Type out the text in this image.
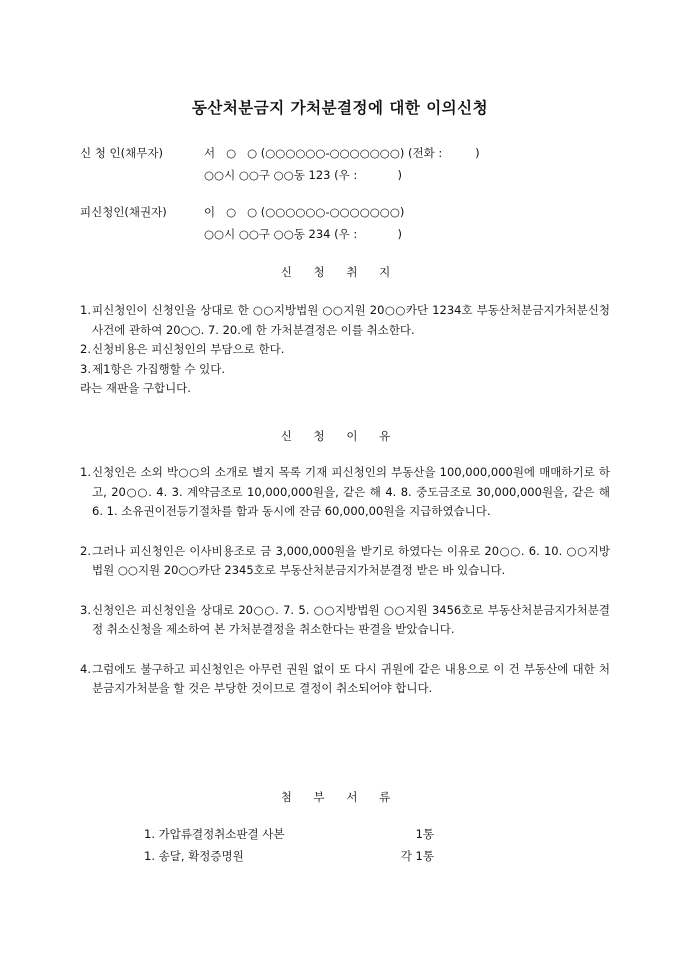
동산처분금지 가처분결정에 대한 이의신청
신 청 인(채무자)	서   ○   ○ (○○○○○○-○○○○○○○) (전화 :         )
○○시 ○○구 ○○동 123 (우 :           )
피신청인(채권자)	이   ○   ○ (○○○○○○-○○○○○○○)
○○시 ○○구 ○○동 234 (우 :           )
신 청 취 지
1. 피신청인이 신청인을 상대로 한 ○○지방법원 ○○지원 20○○카단 1234호 부동산처분금지가처분신청사건에 관하여 20○○. 7. 20.에 한 가처분결정은 이를 취소한다.
2. 신청비용은 피신청인의 부담으로 한다.
3. 제1항은 가집행할 수 있다.
라는 재판을 구합니다.
신 청 이 유
1. 신청인은 소외 박○○의 소개로 별지 목록 기재 피신청인의 부동산을 100,000,000원에 매매하기로 하고, 20○○. 4. 3. 계약금조로 10,000,000원을, 같은 해 4. 8. 중도금조로 30,000,000원을, 같은 해 6. 1. 소유권이전등기절차를 함과 동시에 잔금 60,000,00원을 지급하였습니다.
2. 그러나 피신청인은 이사비용조로 금 3,000,000원을 받기로 하였다는 이유로 20○○. 6. 10. ○○지방법원 ○○지원 20○○카단 2345호로 부동산처분금지가처분결정 받은 바 있습니다.
3. 신청인은 피신청인을 상대로 20○○. 7. 5. ○○지방법원 ○○지원 3456호로 부동산처분금지가처분결정 취소신청을 제소하여 본 가처분결정을 취소한다는 판결을 받았습니다.
4. 그럼에도 불구하고 피신청인은 아무런 권원 없이 또 다시 귀원에 같은 내용으로 이 건 부동산에 대한 처분금지가처분을 할 것은 부당한 것이므로 결정이 취소되어야 합니다.
첨 부 서 류
1. 가압류결정취소판결 사본	1통
1. 송달, 확정증명원	각 1통
